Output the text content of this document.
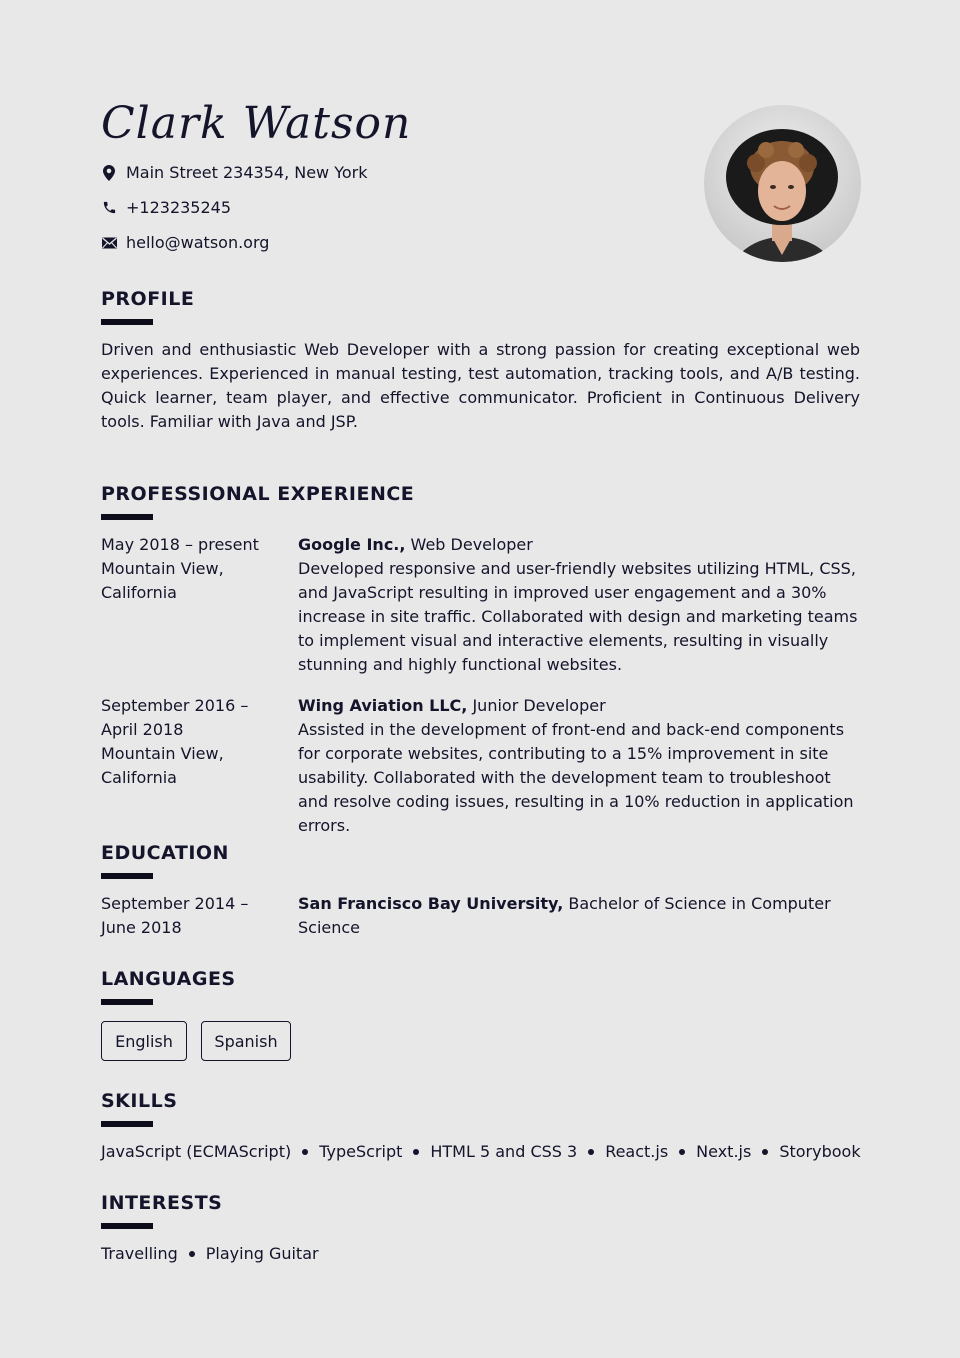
Clark Watson
Main Street 234354, New York
+123235245
hello@watson.org
PROFILE
Driven and enthusiastic Web Developer with a strong passion for creating exceptional web experiences. Experienced in manual testing, test automation, tracking tools, and A/B testing. Quick learner, team player, and effective communicator. Proficient in Continuous Delivery tools. Familiar with Java and JSP.
PROFESSIONAL EXPERIENCE
May 2018 – present
Mountain View, California
Google Inc., Web Developer
Developed responsive and user-friendly websites utilizing HTML, CSS, and JavaScript resulting in improved user engagement and a 30% increase in site traffic. Collaborated with design and marketing teams to implement visual and interactive elements, resulting in visually stunning and highly functional websites.
September 2016 – April 2018
Mountain View, California
Wing Aviation LLC, Junior Developer
Assisted in the development of front-end and back-end components for corporate websites, contributing to a 15% improvement in site usability. Collaborated with the development team to troubleshoot and resolve coding issues, resulting in a 10% reduction in application errors.
EDUCATION
September 2014 – June 2018
San Francisco Bay University, Bachelor of Science in Computer Science
LANGUAGES
English	Spanish
SKILLS
JavaScript (ECMAScript) TypeScript HTML 5 and CSS 3 React.js Next.js Storybook
INTERESTS
Travelling Playing Guitar
